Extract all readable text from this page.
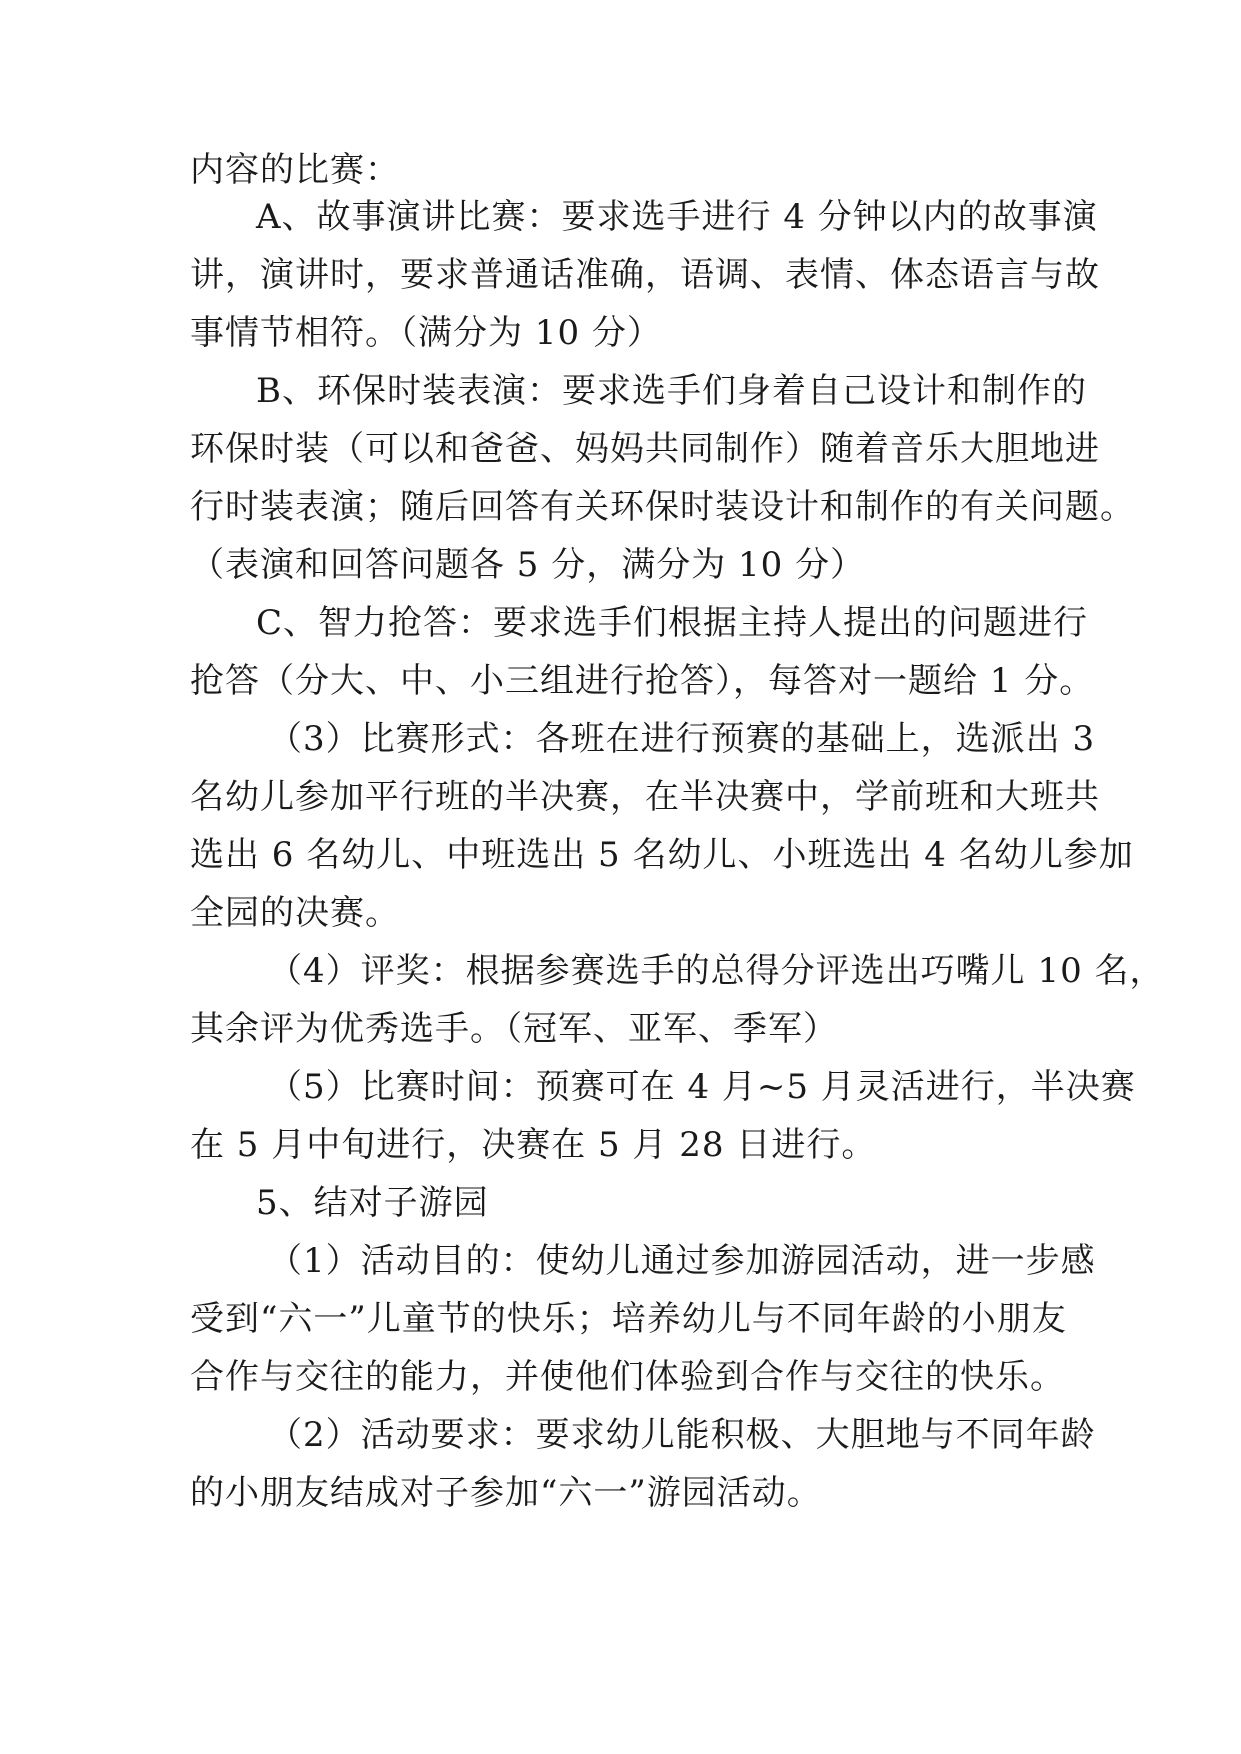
内容的比赛：
A、故事演讲比赛：要求选手进行 4 分钟以内的故事演
讲，演讲时，要求普通话准确，语调、表情、体态语言与故
事情节相符。（满分为 10 分）
B、环保时装表演：要求选手们身着自己设计和制作的
环保时装（可以和爸爸、妈妈共同制作）随着音乐大胆地进
行时装表演；随后回答有关环保时装设计和制作的有关问题。
（表演和回答问题各 5 分，满分为 10 分）
C、智力抢答：要求选手们根据主持人提出的问题进行
抢答（分大、中、小三组进行抢答），每答对一题给 1 分。
（3）比赛形式：各班在进行预赛的基础上，选派出 3
名幼儿参加平行班的半决赛，在半决赛中，学前班和大班共
选出 6 名幼儿、中班选出 5 名幼儿、小班选出 4 名幼儿参加
全园的决赛。
（4）评奖：根据参赛选手的总得分评选出巧嘴儿 10 名，
其余评为优秀选手。（冠军、亚军、季军）
（5）比赛时间：预赛可在 4 月~5 月灵活进行，半决赛
在 5 月中旬进行，决赛在 5 月 28 日进行。
5、结对子游园
（1）活动目的：使幼儿通过参加游园活动，进一步感
受到“六一”儿童节的快乐；培养幼儿与不同年龄的小朋友
合作与交往的能力，并使他们体验到合作与交往的快乐。
（2）活动要求：要求幼儿能积极、大胆地与不同年龄
的小朋友结成对子参加“六一”游园活动。
